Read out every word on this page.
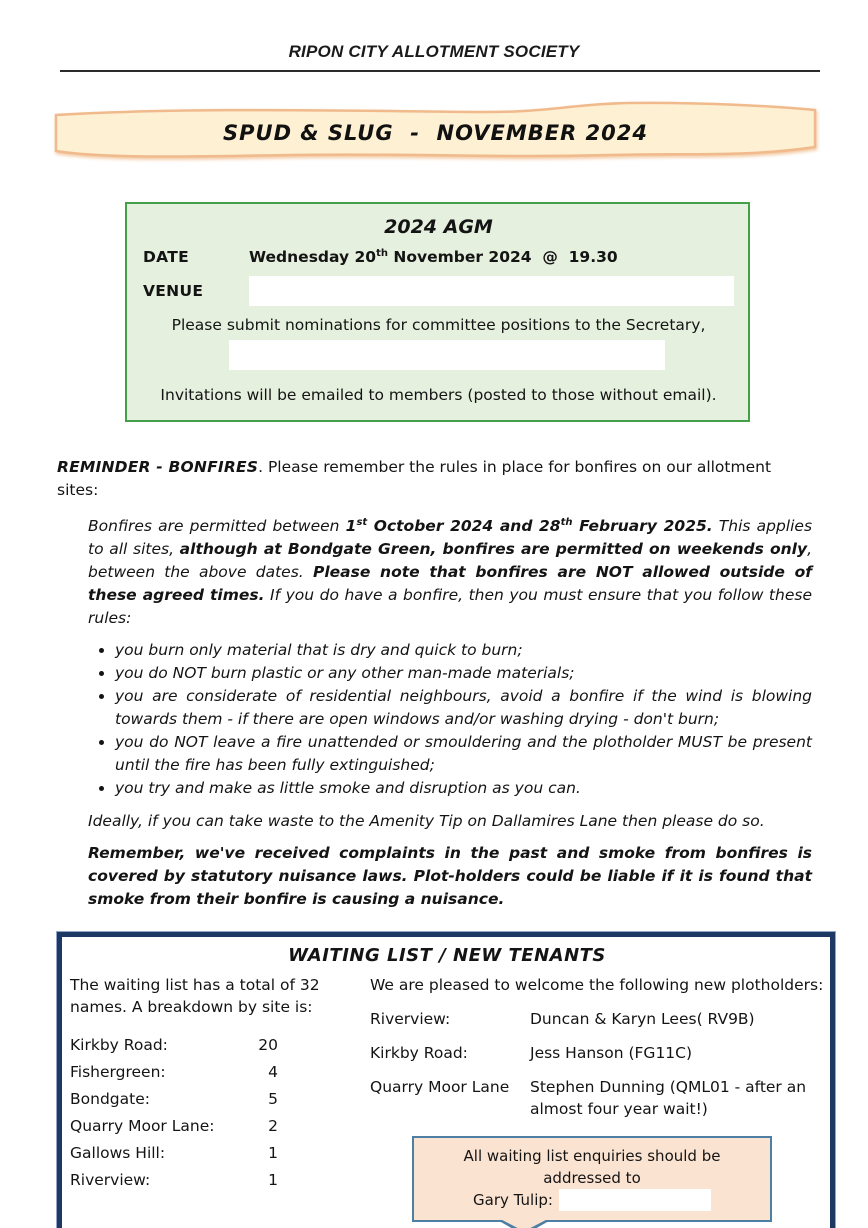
RIPON CITY ALLOTMENT SOCIETY
SPUD & SLUG  -  NOVEMBER 2024
2024 AGM
DATE	Wednesday 20th November 2024  @  19.30
VENUE
Please submit nominations for committee positions to the Secretary,
Invitations will be emailed to members (posted to those without email).

REMINDER - BONFIRES. Please remember the rules in place for bonfires on our allotment sites:

Bonfires are permitted between 1st October 2024 and 28th February 2025. This applies to all sites, although at Bondgate Green, bonfires are permitted on weekends only, between the above dates. Please note that bonfires are NOT allowed outside of these agreed times. If you do have a bonfire, then you must ensure that you follow these rules:

• you burn only material that is dry and quick to burn;
• you do NOT burn plastic or any other man-made materials;
• you are considerate of residential neighbours, avoid a bonfire if the wind is blowing towards them - if there are open windows and/or washing drying - don't burn;
• you do NOT leave a fire unattended or smouldering and the plotholder MUST be present until the fire has been fully extinguished;
• you try and make as little smoke and disruption as you can.

Ideally, if you can take waste to the Amenity Tip on Dallamires Lane then please do so.

Remember, we've received complaints in the past and smoke from bonfires is covered by statutory nuisance laws. Plot-holders could be liable if it is found that smoke from their bonfire is causing a nuisance.

WAITING LIST / NEW TENANTS

The waiting list has a total of 32 names. A breakdown by site is:

Kirkby Road:	20
Fishergreen:	4
Bondgate:	5
Quarry Moor Lane:	2
Gallows Hill:	1
Riverview:	1

We are pleased to welcome the following new plotholders:

Riverview:	Duncan & Karyn Lees( RV9B)
Kirkby Road:	Jess Hanson (FG11C)
Quarry Moor Lane	Stephen Dunning (QML01 - after an almost four year wait!)
All waiting list enquiries should be addressed to
Gary Tulip:
